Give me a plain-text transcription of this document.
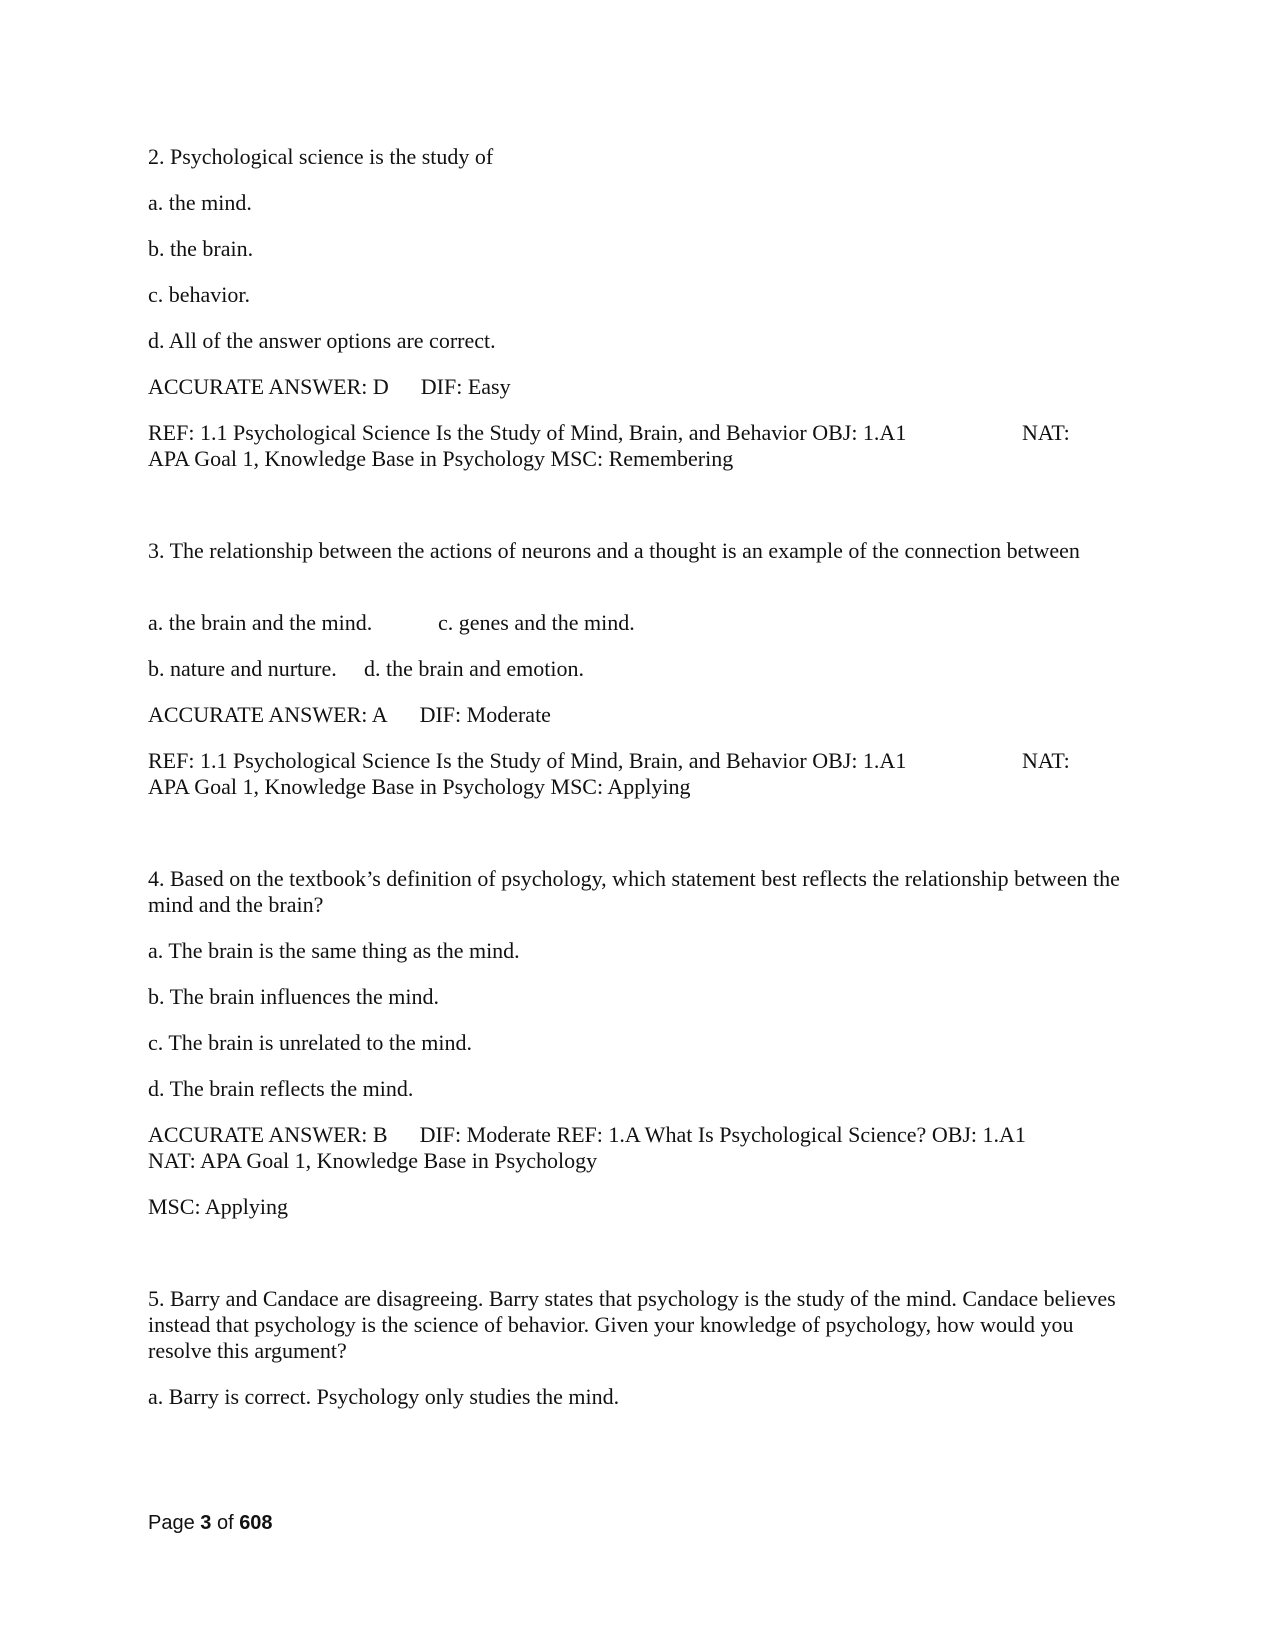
2. Psychological science is the study of
a. the mind.
b. the brain.
c. behavior.
d. All of the answer options are correct.
ACCURATE ANSWER: D DIF: Easy
REF: 1.1 Psychological Science Is the Study of Mind, Brain, and Behavior OBJ: 1.A1	NAT:
APA Goal 1, Knowledge Base in Psychology MSC: Remembering
3. The relationship between the actions of neurons and a thought is an example of the connection between
a. the brain and the mind.	c. genes and the mind.
b. nature and nurture. d. the brain and emotion.
ACCURATE ANSWER: A DIF: Moderate
REF: 1.1 Psychological Science Is the Study of Mind, Brain, and Behavior OBJ: 1.A1	NAT:
APA Goal 1, Knowledge Base in Psychology MSC: Applying
4. Based on the textbook’s definition of psychology, which statement best reflects the relationship between the mind and the brain?
a. The brain is the same thing as the mind.
b. The brain influences the mind.
c. The brain is unrelated to the mind.
d. The brain reflects the mind.
ACCURATE ANSWER: B DIF: Moderate REF: 1.A What Is Psychological Science? OBJ: 1.A1
NAT: APA Goal 1, Knowledge Base in Psychology
MSC: Applying
5. Barry and Candace are disagreeing. Barry states that psychology is the study of the mind. Candace believes instead that psychology is the science of behavior. Given your knowledge of psychology, how would you resolve this argument?
a. Barry is correct. Psychology only studies the mind.
Page 3 of 608
